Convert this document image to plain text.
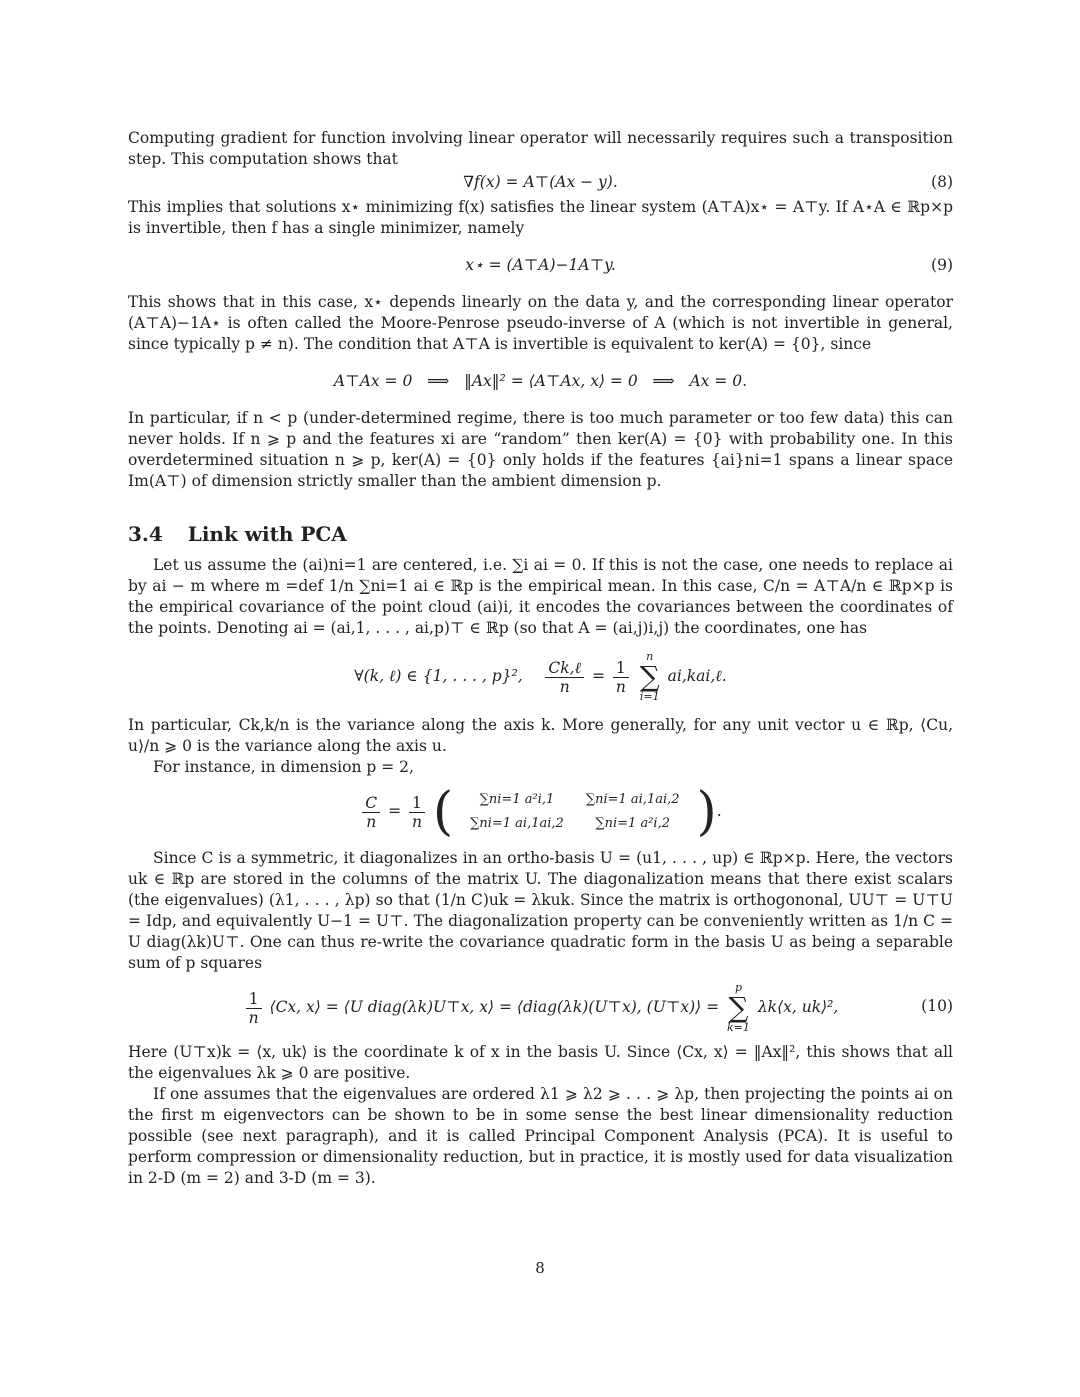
Computing gradient for function involving linear operator will necessarily requires such a transposition step. This computation shows that

∇f(x) = A⊤(Ax − y).	(8)

This implies that solutions x⋆ minimizing f(x) satisfies the linear system (A⊤A)x⋆ = A⊤y. If A⋆A ∈ ℝp×p is invertible, then f has a single minimizer, namely

x⋆ = (A⊤A)−1A⊤y.	(9)

This shows that in this case, x⋆ depends linearly on the data y, and the corresponding linear operator (A⊤A)−1A⋆ is often called the Moore-Penrose pseudo-inverse of A (which is not invertible in general, since typically p ≠ n). The condition that A⊤A is invertible is equivalent to ker(A) = {0}, since

A⊤Ax = 0   ⟹   ‖Ax‖² = ⟨A⊤Ax, x⟩ = 0   ⟹   Ax = 0.

In particular, if n < p (under-determined regime, there is too much parameter or too few data) this can never holds. If n ⩾ p and the features xi are “random” then ker(A) = {0} with probability one. In this overdetermined situation n ⩾ p, ker(A) = {0} only holds if the features {ai}ni=1 spans a linear space Im(A⊤) of dimension strictly smaller than the ambient dimension p.

3.4 Link with PCA

Let us assume the (ai)ni=1 are centered, i.e. ∑i ai = 0. If this is not the case, one needs to replace ai by ai − m where m =def 1/n ∑ni=1 ai ∈ ℝp is the empirical mean. In this case, C/n = A⊤A/n ∈ ℝp×p is the empirical covariance of the point cloud (ai)i, it encodes the covariances between the coordinates of the points. Denoting ai = (ai,1, . . . , ai,p)⊤ ∈ ℝp (so that A = (ai,j)i,j) the coordinates, one has

∀(k, ℓ) ∈ {1, . . . , p}², $\frac{\text{Ck,ℓ}}{n} = \frac{1}{n}$

n
∑
i=1
ai,kai,ℓ.

In particular, Ck,k/n is the variance along the axis k. More generally, for any unit vector u ∈ ℝp, ⟨Cu, u⟩/n ⩾ 0 is the variance along the axis u.

For instance, in dimension p = 2,

$\frac{C}{n} = \frac{1}{n}$ ( ∑ni=1 a²i,1	∑ni=1 ai,1ai,2
∑ni=1 ai,1ai,2	∑ni=1 a²i,2 ).

Since C is a symmetric, it diagonalizes in an ortho-basis U = (u1, . . . , up) ∈ ℝp×p. Here, the vectors uk ∈ ℝp are stored in the columns of the matrix U. The diagonalization means that there exist scalars (the eigenvalues) (λ1, . . . , λp) so that (1/n C)uk = λkuk. Since the matrix is orthogononal, UU⊤ = U⊤U = Idp, and equivalently U−1 = U⊤. The diagonalization property can be conveniently written as 1/n C = U diag(λk)U⊤. One can thus re-write the covariance quadratic form in the basis U as being a separable sum of p squares

$\frac{1}{n}$ ⟨Cx, x⟩ = ⟨U diag(λk)U⊤x, x⟩ = ⟨diag(λk)(U⊤x), (U⊤x)⟩ =
p
∑
k=1
λk⟨x, uk⟩²,	(10)

Here (U⊤x)k = ⟨x, uk⟩ is the coordinate k of x in the basis U. Since ⟨Cx, x⟩ = ‖Ax‖², this shows that all the eigenvalues λk ⩾ 0 are positive.

If one assumes that the eigenvalues are ordered λ1 ⩾ λ2 ⩾ . . . ⩾ λp, then projecting the points ai on the first m eigenvectors can be shown to be in some sense the best linear dimensionality reduction possible (see next paragraph), and it is called Principal Component Analysis (PCA). It is useful to perform compression or dimensionality reduction, but in practice, it is mostly used for data visualization in 2-D (m = 2) and 3-D (m = 3).

8
